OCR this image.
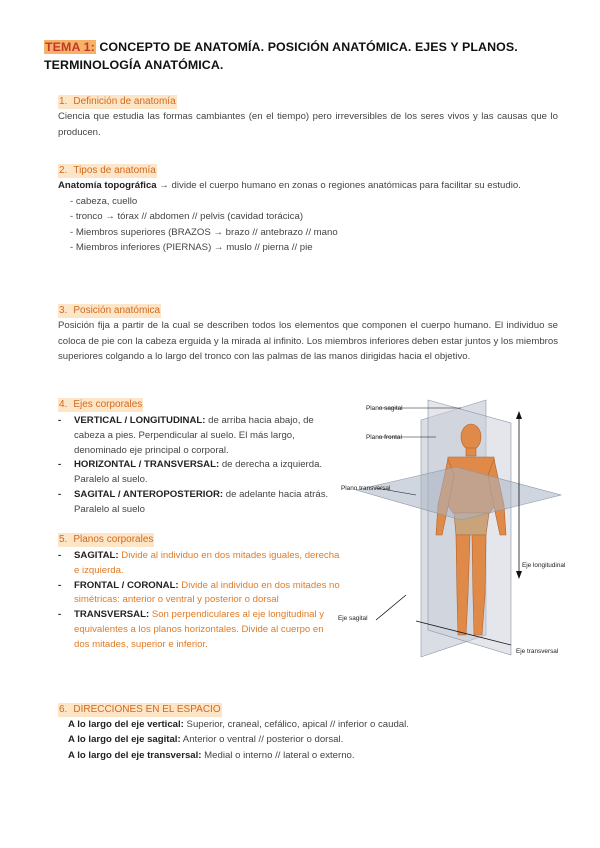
TEMA 1: CONCEPTO DE ANATOMÍA. POSICIÓN ANATÓMICA. EJES Y PLANOS. TERMINOLOGÍA ANATÓMICA.
1. Definición de anatomía

Ciencia que estudia las formas cambiantes (en el tiempo) pero irreversibles de los seres vivos y las causas que lo producen.

2. Tipos de anatomía

Anatomía topográfica → divide el cuerpo humano en zonas o regiones anatómicas para facilitar su estudio.

- cabeza, cuello

- tronco → tórax // abdomen // pelvis (cavidad torácica)

- Miembros superiores (BRAZOS → brazo // antebrazo // mano

- Miembros inferiores (PIERNAS) → muslo // pierna // pie

3. Posición anatómica

Posición fija a partir de la cual se describen todos los elementos que componen el cuerpo humano. El individuo se coloca de pie con la cabeza erguida y la mirada al infinito. Los miembros inferiores deben estar juntos y los miembros superiores colgando a lo largo del tronco con las palmas de las manos dirigidas hacia el objetivo.

4. Ejes corporales
- VERTICAL / LONGITUDINAL: de arriba hacia abajo, de cabeza a pies. Perpendicular al suelo. El más largo, denominado eje principal o corporal.
- HORIZONTAL / TRANSVERSAL: de derecha a izquierda. Paralelo al suelo.
- SAGITAL / ANTEROPOSTERIOR: de adelante hacia atrás. Paralelo al suelo
5. Planos corporales
- SAGITAL: Divide al individuo en dos mitades iguales, derecha e izquierda.
- FRONTAL / CORONAL: Divide al individuo en dos mitades no simétricas: anterior o ventral y posterior o dorsal
- TRANSVERSAL: Son perpendiculares al eje longitudinal y equivalentes a los planos horizontales. Divide al cuerpo en dos mitades, superior e inferior.
Plano sagital
Plano frontal
Plano transversal
Eje longitudinal
Eje sagital
Eje transversal
6. DIRECCIONES EN EL ESPACIO

A lo largo del eje vertical: Superior, craneal, cefálico, apical // inferior o caudal.

A lo largo del eje sagital: Anterior o ventral // posterior o dorsal.

A lo largo del eje transversal: Medial o interno // lateral o externo.
